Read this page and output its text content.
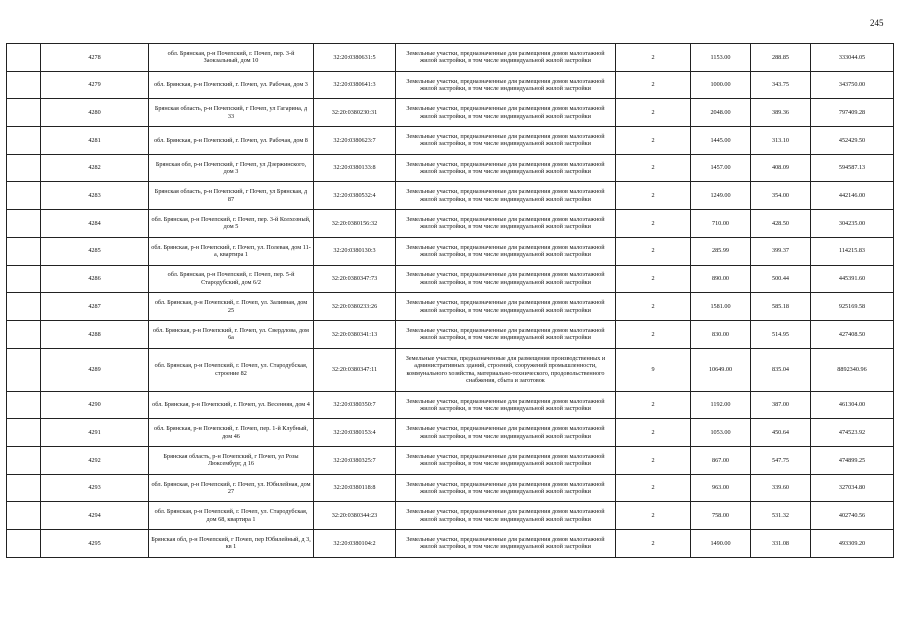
245
	4278	обл. Брянская, р-н Почепский, г. Почеп, пер. 3-й Заокзальный, дом 10	32:20:0380631:5	Земельные участки, предназначенные для размещения домов малоэтажной жилой застройки, в том числе индивидуальной жилой застройки	2	1153.00	288.85	333044.05
	4279	обл. Брянская, р-н Почепский, г. Почеп, ул. Рабочая, дом 3	32:20:0380641:3	Земельные участки, предназначенные для размещения домов малоэтажной жилой застройки, в том числе индивидуальной жилой застройки	2	1000.00	343.75	343750.00
	4280	Брянская область, р-н Почепский, г Почеп, ул Гагарина, д 33	32:20:0380230:31	Земельные участки, предназначенные для размещения домов малоэтажной жилой застройки, в том числе индивидуальной жилой застройки	2	2048.00	389.36	797409.28
	4281	обл. Брянская, р-н Почепский, г. Почеп, ул. Рабочая, дом 8	32:20:0380623:7	Земельные участки, предназначенные для размещения домов малоэтажной жилой застройки, в том числе индивидуальной жилой застройки	2	1445.00	313.10	452429.50
	4282	Брянская обл, р-н Почепский, г Почеп, ул Дзержинского, дом 3	32:20:0380133:8	Земельные участки, предназначенные для размещения домов малоэтажной жилой застройки, в том числе индивидуальной жилой застройки	2	1457.00	408.09	594587.13
	4283	Брянская область, р-н Почепский, г Почеп, ул Брянская, д 87	32:20:0380532:4	Земельные участки, предназначенные для размещения домов малоэтажной жилой застройки, в том числе индивидуальной жилой застройки	2	1249.00	354.00	442146.00
	4284	обл. Брянская, р-н Почепский, г. Почеп, пер. 3-й Колхозный, дом 5	32:20:0380156:32	Земельные участки, предназначенные для размещения домов малоэтажной жилой застройки, в том числе индивидуальной жилой застройки	2	710.00	428.50	304235.00
	4285	обл. Брянская, р-н Почепский, г. Почеп, ул. Полевая, дом 11-а, квартира 1	32:20:0380130:3	Земельные участки, предназначенные для размещения домов малоэтажной жилой застройки, в том числе индивидуальной жилой застройки	2	285.99	399.37	114215.83
	4286	обл. Брянская, р-н Почепский, г. Почеп, пер. 5-й Стародубский, дом 6/2	32:20:0380347:73	Земельные участки, предназначенные для размещения домов малоэтажной жилой застройки, в том числе индивидуальной жилой застройки	2	890.00	500.44	445391.60
	4287	обл. Брянская, р-н Почепский, г. Почеп, ул. Заливная, дом 25	32:20:0380233:26	Земельные участки, предназначенные для размещения домов малоэтажной жилой застройки, в том числе индивидуальной жилой застройки	2	1581.00	585.18	925169.58
	4288	обл. Брянская, р-н Почепский, г. Почеп, ул. Свердлова, дом 6а	32:20:0380341:13	Земельные участки, предназначенные для размещения домов малоэтажной жилой застройки, в том числе индивидуальной жилой застройки	2	830.00	514.95	427408.50
	4289	обл. Брянская, р-н Почепский, г. Почеп, ул. Стародубская, строение 82	32:20:0380347:11	Земельные участки, предназначенные для размещения производственных и административных зданий, строений, сооружений промышленности, коммунального хозяйства, материально-технического, продовольственного снабжения, сбыта и заготовок	9	10649.00	835.04	8892340.96
	4290	обл. Брянская, р-н Почепский, г. Почеп, ул. Весенняя, дом 4	32:20:0380350:7	Земельные участки, предназначенные для размещения домов малоэтажной жилой застройки, в том числе индивидуальной жилой застройки	2	1192.00	387.00	461304.00
	4291	обл. Брянская, р-н Почепский, г. Почеп, пер. 1-й Клубный, дом 46	32:20:0380153:4	Земельные участки, предназначенные для размещения домов малоэтажной жилой застройки, в том числе индивидуальной жилой застройки	2	1053.00	450.64	474523.92
	4292	Брянская область, р-н Почепский, г Почеп, ул Розы Люксембург, д 16	32:20:0380325:7	Земельные участки, предназначенные для размещения домов малоэтажной жилой застройки, в том числе индивидуальной жилой застройки	2	867.00	547.75	474899.25
	4293	обл. Брянская, р-н Почепский, г. Почеп, ул. Юбилейная, дом 27	32:20:0380118:8	Земельные участки, предназначенные для размещения домов малоэтажной жилой застройки, в том числе индивидуальной жилой застройки	2	963.00	339.60	327034.80
	4294	обл. Брянская, р-н Почепский, г. Почеп, ул. Стародубская, дом 68, квартира 1	32:20:0380344:23	Земельные участки, предназначенные для размещения домов малоэтажной жилой застройки, в том числе индивидуальной жилой застройки	2	758.00	531.32	402740.56
	4295	Брянская обл, р-н Почепский, г Почеп, пер Юбилейный, д 3, кв 1	32:20:0380104:2	Земельные участки, предназначенные для размещения домов малоэтажной жилой застройки, в том числе индивидуальной жилой застройки	2	1490.00	331.08	493309.20
